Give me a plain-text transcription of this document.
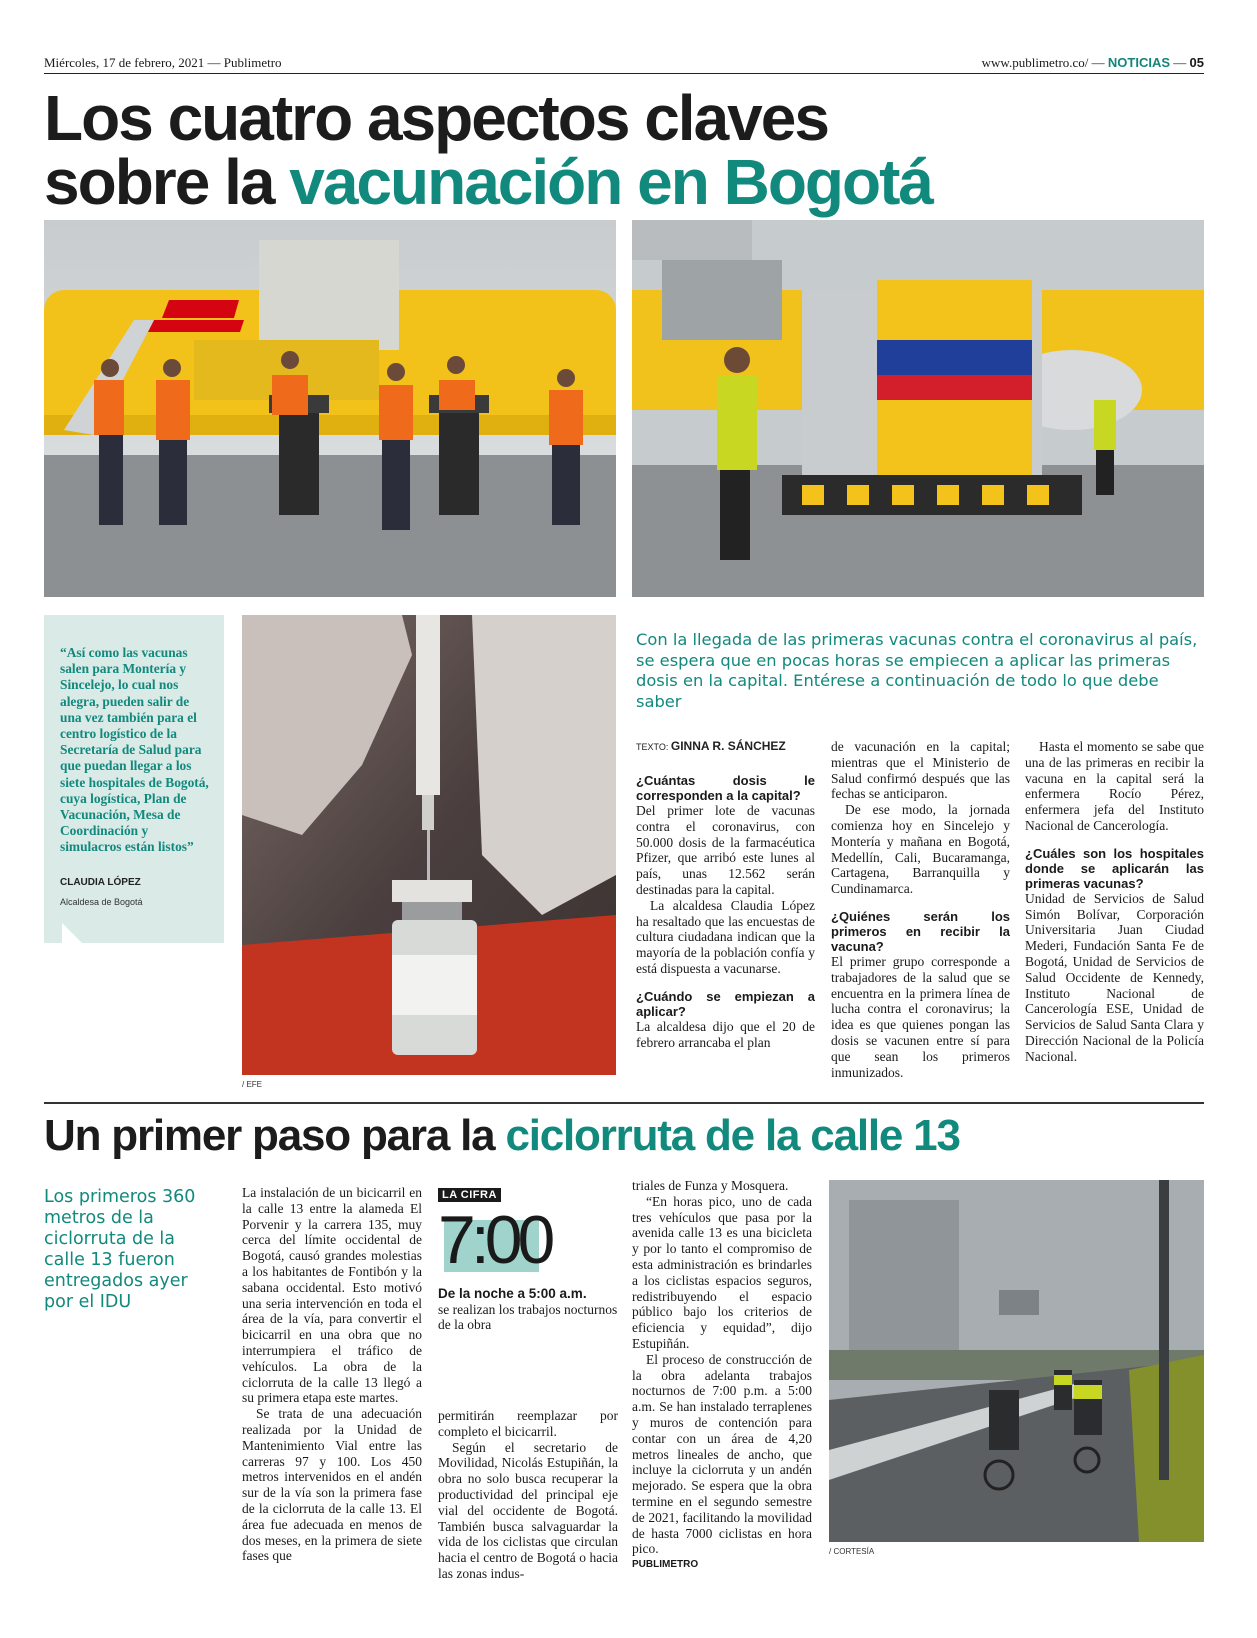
Miércoles, 17 de febrero, 2021 — Publimetro	www.publimetro.co/ — NOTICIAS — 05
Los cuatro aspectos claves
sobre la vacunación en Bogotá
“Así como las vacunas salen para Montería y Sincelejo, lo cual nos alegra, pueden salir de una vez también para el centro logístico de la Secretaría de Salud para que puedan llegar a los siete hospitales de Bogotá, cuya logística, Plan de Vacunación, Mesa de Coordinación y simulacros están listos”
CLAUDIA LÓPEZ
Alcaldesa de Bogotá
/ EFE
Con la llegada de las primeras vacunas contra el coronavirus al país, se espera que en pocas horas se empiecen a aplicar las primeras dosis en la capital. Entérese a continuación de todo lo que debe saber
TEXTO: GINNA R. SÁNCHEZ
¿Cuántas dosis le corresponden a la capital?

Del primer lote de vacunas contra el coronavirus, con 50.000 dosis de la farmacéutica Pfizer, que arribó este lunes al país, unas 12.562 serán destinadas para la capital.

La alcaldesa Claudia López ha resaltado que las encuestas de cultura ciudadana indican que la mayoría de la población confía y está dispuesta a vacunarse.

¿Cuándo se empiezan a aplicar?

La alcaldesa dijo que el 20 de febrero arrancaba el plan

de vacunación en la capital; mientras que el Ministerio de Salud confirmó después que las fechas se anticiparon.

De ese modo, la jornada comienza hoy en Sincelejo y Montería y mañana en Bogotá, Medellín, Cali, Bucaramanga, Cartagena, Barranquilla y Cundinamarca.

¿Quiénes serán los primeros en recibir la vacuna?

El primer grupo corresponde a trabajadores de la salud que se encuentra en la primera línea de lucha contra el coronavirus; la idea es que quienes pongan las dosis se vacunen entre sí para que sean los primeros inmunizados.

Hasta el momento se sabe que una de las primeras en recibir la vacuna en la capital será la enfermera Rocío Pérez, enfermera jefa del Instituto Nacional de Cancerología.

¿Cuáles son los hospitales donde se aplicarán las primeras vacunas?

Unidad de Servicios de Salud Simón Bolívar, Corporación Universitaria Juan Ciudad Mederi, Fundación Santa Fe de Bogotá, Unidad de Servicios de Salud Occidente de Kennedy, Instituto Nacional de Cancerología ESE, Unidad de Servicios de Salud Santa Clara y Dirección Nacional de la Policía Nacional.

Un primer paso para la ciclorruta de la calle 13
Los primeros 360 metros de la ciclorruta de la calle 13 fueron entregados ayer por el IDU

La instalación de un bicicarril en la calle 13 entre la alameda El Porvenir y la carrera 135, muy cerca del límite occidental de Bogotá, causó grandes molestias a los habitantes de Fontibón y la sabana occidental. Esto motivó una seria intervención en toda el área de la vía, para convertir el bicicarril en una obra que no interrumpiera el tráfico de vehículos. La obra de la ciclorruta de la calle 13 llegó a su primera etapa este martes.

Se trata de una adecuación realizada por la Unidad de Mantenimiento Vial entre las carreras 97 y 100. Los 450 metros intervenidos en el andén sur de la vía son la primera fase de la ciclorruta de la calle 13. El área fue adecuada en menos de dos meses, en la primera de siete fases que

LA CIFRA
7:00
De la noche a 5:00 a.m.
se realizan los trabajos nocturnos de la obra

permitirán reemplazar por completo el bicicarril.

Según el secretario de Movilidad, Nicolás Estupiñán, la obra no solo busca recuperar la productividad del principal eje vial del occidente de Bogotá. También busca salvaguardar la vida de los ciclistas que circulan hacia el centro de Bogotá o hacia las zonas indus-

triales de Funza y Mosquera.

“En horas pico, uno de cada tres vehículos que pasa por la avenida calle 13 es una bicicleta y por lo tanto el compromiso de esta administración es brindarles a los ciclistas espacios seguros, redistribuyendo el espacio público bajo los criterios de eficiencia y equidad”, dijo Estupiñán.

El proceso de construcción de la obra adelanta trabajos nocturnos de 7:00 p.m. a 5:00 a.m. Se han instalado terraplenes y muros de contención para contar con un área de 4,20 metros lineales de ancho, que incluye la ciclorruta y un andén mejorado. Se espera que la obra termine en el segundo semestre de 2021, facilitando la movilidad de hasta 7000 ciclistas en hora pico.

PUBLIMETRO
/ CORTESÍA
